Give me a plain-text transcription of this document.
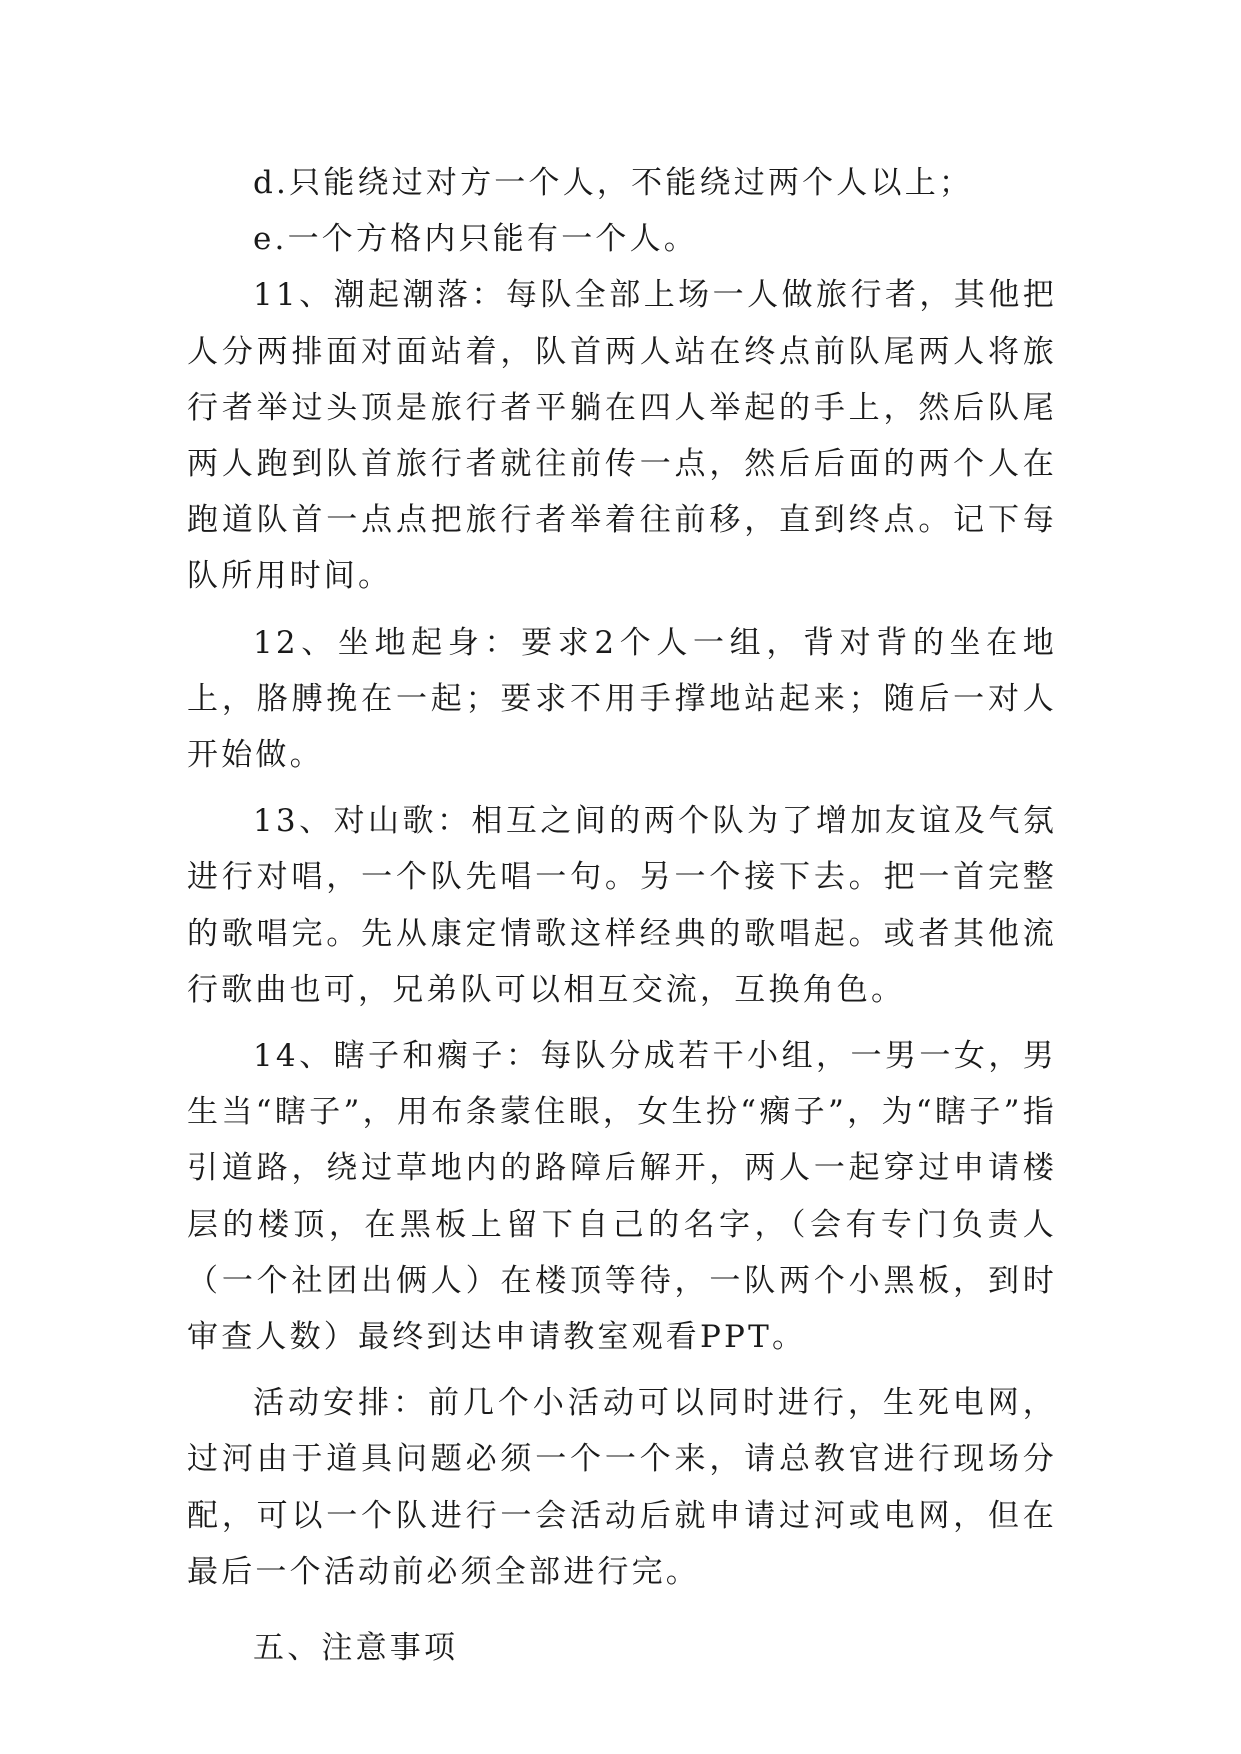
d.只能绕过对方一个人，不能绕过两个人以上；

e.一个方格内只能有一个人。

11、潮起潮落：每队全部上场一人做旅行者，其他把人分两排面对面站着，队首两人站在终点前队尾两人将旅行者举过头顶是旅行者平躺在四人举起的手上，然后队尾两人跑到队首旅行者就往前传一点，然后后面的两个人在跑道队首一点点把旅行者举着往前移，直到终点。记下每队所用时间。

12、坐地起身：要求2个人一组，背对背的坐在地上，胳膊挽在一起；要求不用手撑地站起来；随后一对人开始做。

13、对山歌：相互之间的两个队为了增加友谊及气氛进行对唱，一个队先唱一句。另一个接下去。把一首完整的歌唱完。先从康定情歌这样经典的歌唱起。或者其他流行歌曲也可，兄弟队可以相互交流，互换角色。

14、瞎子和瘸子：每队分成若干小组，一男一女，男生当“瞎子”，用布条蒙住眼，女生扮“瘸子”，为“瞎子”指引道路，绕过草地内的路障后解开，两人一起穿过申请楼层的楼顶，在黑板上留下自己的名字，（会有专门负责人（一个社团出俩人）在楼顶等待，一队两个小黑板，到时审查人数）最终到达申请教室观看PPT。

活动安排：前几个小活动可以同时进行，生死电网，过河由于道具问题必须一个一个来，请总教官进行现场分配，可以一个队进行一会活动后就申请过河或电网，但在最后一个活动前必须全部进行完。

五、注意事项
